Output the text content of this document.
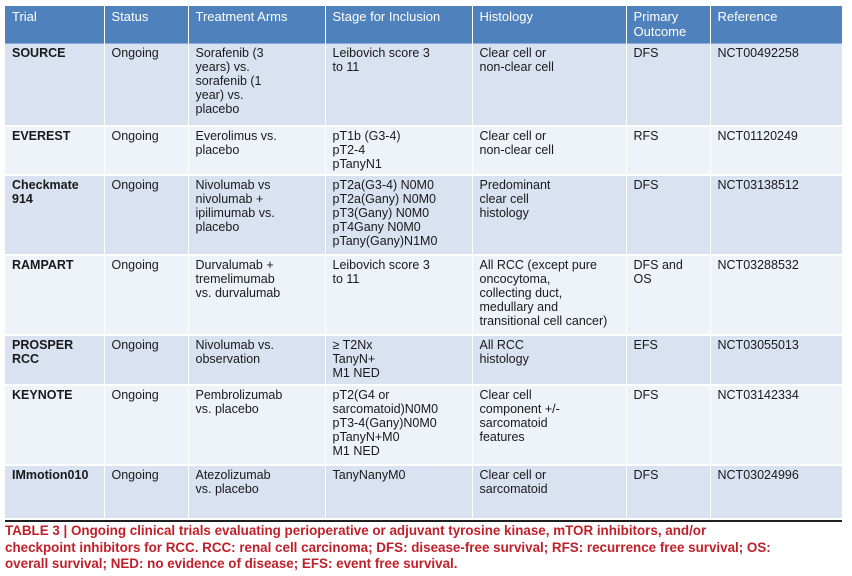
Trial	Status	Treatment Arms	Stage for Inclusion	Histology	Primary Outcome	Reference

SOURCE	Ongoing	Sorafenib (3
years) vs.
sorafenib (1
year) vs.
placebo	Leibovich score 3
to 11	Clear cell or
non-clear cell	DFS	NCT00492258

EVEREST	Ongoing	Everolimus vs.
placebo	pT1b (G3-4)
pT2-4
pTanyN1	Clear cell or
non-clear cell	RFS	NCT01120249

Checkmate
914	Ongoing	Nivolumab vs
nivolumab +
ipilimumab vs.
placebo	pT2a(G3-4) N0M0
pT2a(Gany) N0M0
pT3(Gany) N0M0
pT4Gany N0M0
pTany(Gany)N1M0	Predominant
clear cell
histology	DFS	NCT03138512

RAMPART	Ongoing	Durvalumab +
tremelimumab
vs. durvalumab	Leibovich score 3
to 11	All RCC (except pure
oncocytoma,
collecting duct,
medullary and
transitional cell cancer)	DFS and
OS	NCT03288532

PROSPER
RCC	Ongoing	Nivolumab vs.
observation	≥ T2Nx
TanyN+
M1 NED	All RCC
histology	EFS	NCT03055013

KEYNOTE	Ongoing	Pembrolizumab
vs. placebo	pT2(G4 or
sarcomatoid)N0M0
pT3-4(Gany)N0M0
pTanyN+M0
M1 NED	Clear cell
component +/-
sarcomatoid
features	DFS	NCT03142334

IMmotion010	Ongoing	Atezolizumab
vs. placebo	TanyNanyM0	Clear cell or
sarcomatoid	DFS	NCT03024996
TABLE 3 | Ongoing clinical trials evaluating perioperative or adjuvant tyrosine kinase, mTOR inhibitors, and/or
checkpoint inhibitors for RCC. RCC: renal cell carcinoma; DFS: disease-free survival; RFS: recurrence free survival; OS:
overall survival; NED: no evidence of disease; EFS: event free survival.
